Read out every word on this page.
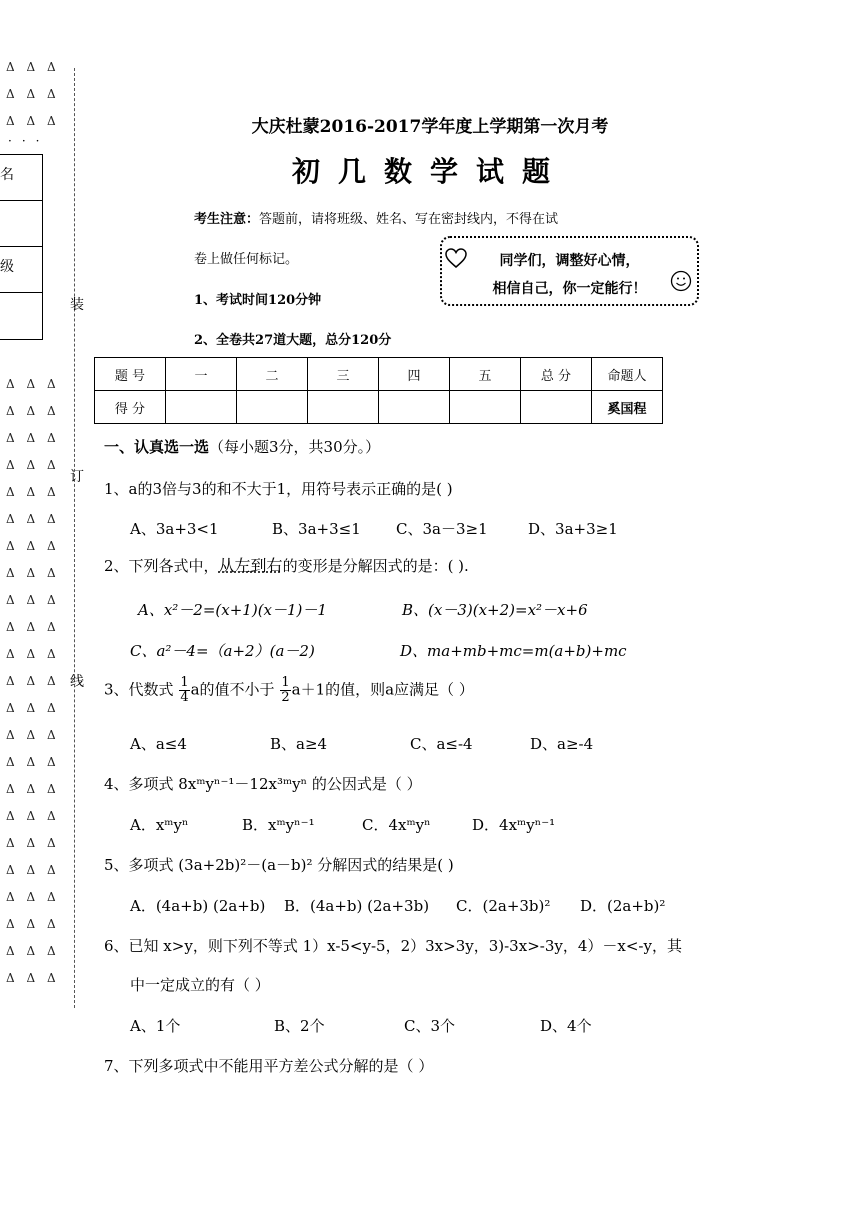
Δ Δ Δ
Δ Δ Δ
Δ Δ Δ
···
名
级
Δ Δ Δ
Δ Δ Δ
Δ Δ Δ
Δ Δ Δ
Δ Δ Δ
Δ Δ Δ
Δ Δ Δ
Δ Δ Δ
Δ Δ Δ
Δ Δ Δ
Δ Δ Δ
Δ Δ Δ
Δ Δ Δ
Δ Δ Δ
Δ Δ Δ
Δ Δ Δ
Δ Δ Δ
Δ Δ Δ
Δ Δ Δ
Δ Δ Δ
Δ Δ Δ
Δ Δ Δ
Δ Δ Δ
装
订
线
大庆杜蒙2016-2017学年度上学期第一次月考
初几数学试题
考生注意：答题前，请将班级、姓名、写在密封线内，不得在试
卷上做任何标记。
1、考试时间120分钟
2、全卷共27道大题，总分120分
同学们，调整好心情，
相信自己，你一定能行！
题 号	一	二	三	四	五	总 分	命题人
得 分							奚国程
一、认真选一选（每小题3分，共30分。）
1、a的3倍与3的和不大于1，用符号表示正确的是( )
A、3a+3<1	B、3a+3≤1 C、3a－3≥1	D、3a+3≥1
2、下列各式中，从左到右的变形是分解因式的是：( ).
A、x²－2=(x+1)(x－1)－1	B、(x－3)(x+2)=x²－x+6
C、a²－4=（a+2）(a－2)	D、ma+mb+mc=m(a+b)+mc
3、代数式 $\frac{1}{4}$ a的值不小于 $\frac{1}{2} a+1$的值，则a应满足（ ）
A、a≤4	B、a≥4	C、a≤-4	D、a≥-4
4、多项式 8xᵐyⁿ⁻¹－12x³ᵐyⁿ 的公因式是（ ）
A．xᵐyⁿ	B．xᵐyⁿ⁻¹	C．4xᵐyⁿ	D．4xᵐyⁿ⁻¹
5、多项式 (3a+2b)²－(a－b)² 分解因式的结果是( )
A．(4a+b) (2a+b) B．(4a+b) (2a+3b) C．(2a+3b)² D．(2a+b)²
6、已知 x>y，则下列不等式 1）x-5<y-5，2）3x>3y，3)-3x>-3y，4）－x<-y，其
中一定成立的有（ ）
A、1个	B、2个	C、3个	D、4个
7、下列多项式中不能用平方差公式分解的是（ ）
